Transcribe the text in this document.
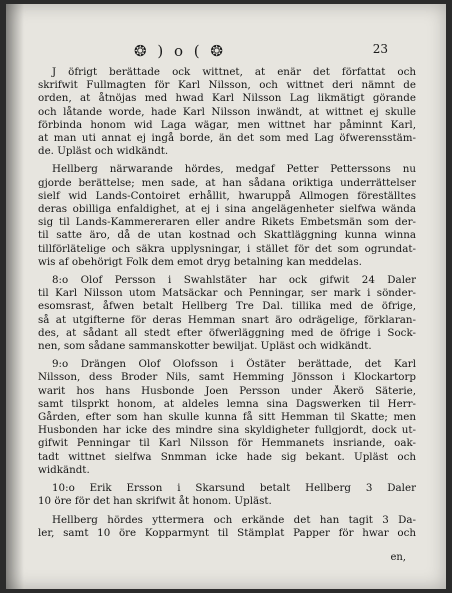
❂ ) o ( ❂	23
J öfrigt berättade ock wittnet, at enär det författat och
skrifwit Fullmagten för Karl Nilsson, och wittnet deri nämnt de
orden, at åtnöjas med hwad Karl Nilsson Lag likmätigt görande
och låtande worde, hade Karl Nilsson inwändt, at wittnet ej skulle
förbinda honom wid Laga wägar, men wittnet har påminnt Karl,
at man uti annat ej ingå borde, än det som med Lag öfwerensstäm-
de. Upläst och widkändt.
Hellberg närwarande hördes, medgaf Petter Petterssons nu
gjorde berättelse; men sade, at han sådana oriktiga underrättelser
sielf wid Lands-Contoiret erhållit, hwaruppå Allmogen föreställtes
deras obilliga enfaldighet, at ej i sina angelägenheter sielfwa wända
sig til Lands-Kammereraren eller andre Rikets Embetsmän som der-
til satte äro, då de utan kostnad och Skattläggning kunna winna
tillförlätelige och säkra upplysningar, i stället för det som ogrundat-
wis af obehörigt Folk dem emot dryg betalning kan meddelas.
8:o Olof Persson i Swahlstäter har ock gifwit 24 Daler
til Karl Nilsson utom Matsäckar och Penningar, ser mark i sönder-
esomsrast, åfwen betalt Hellberg Tre Dal. tillika med de öfrige,
så at utgifterne för deras Hemman snart äro odrägelige, förklaran-
des, at sådant all stedt efter öfwerläggning med de öfrige i Sock-
nen, som sådane sammanskotter bewiljat. Upläst och widkändt.
9:o Drängen Olof Olofsson i Östäter berättade, det Karl
Nilsson, dess Broder Nils, samt Hemming Jönsson i Klockartorp
warit hos hans Husbonde Joen Persson under Åkerö Säterie,
samt tilsprkt honom, at aldeles lemna sina Dagswerken til Herr-
Gården, efter som han skulle kunna få sitt Hemman til Skatte; men
Husbonden har icke des mindre sina skyldigheter fullgjordt, dock ut-
gifwit Penningar til Karl Nilsson för Hemmanets insriande, oak-
tadt wittnet sielfwa Snmman icke hade sig bekant. Upläst och
widkändt.
10:o Erik Ersson i Skarsund betalt Hellberg 3 Daler
10 öre för det han skrifwit åt honom. Upläst.
Hellberg hördes yttermera och erkände det han tagit 3 Da-
ler, samt 10 öre Kopparmynt til Stämplat Papper för hwar och
en,
